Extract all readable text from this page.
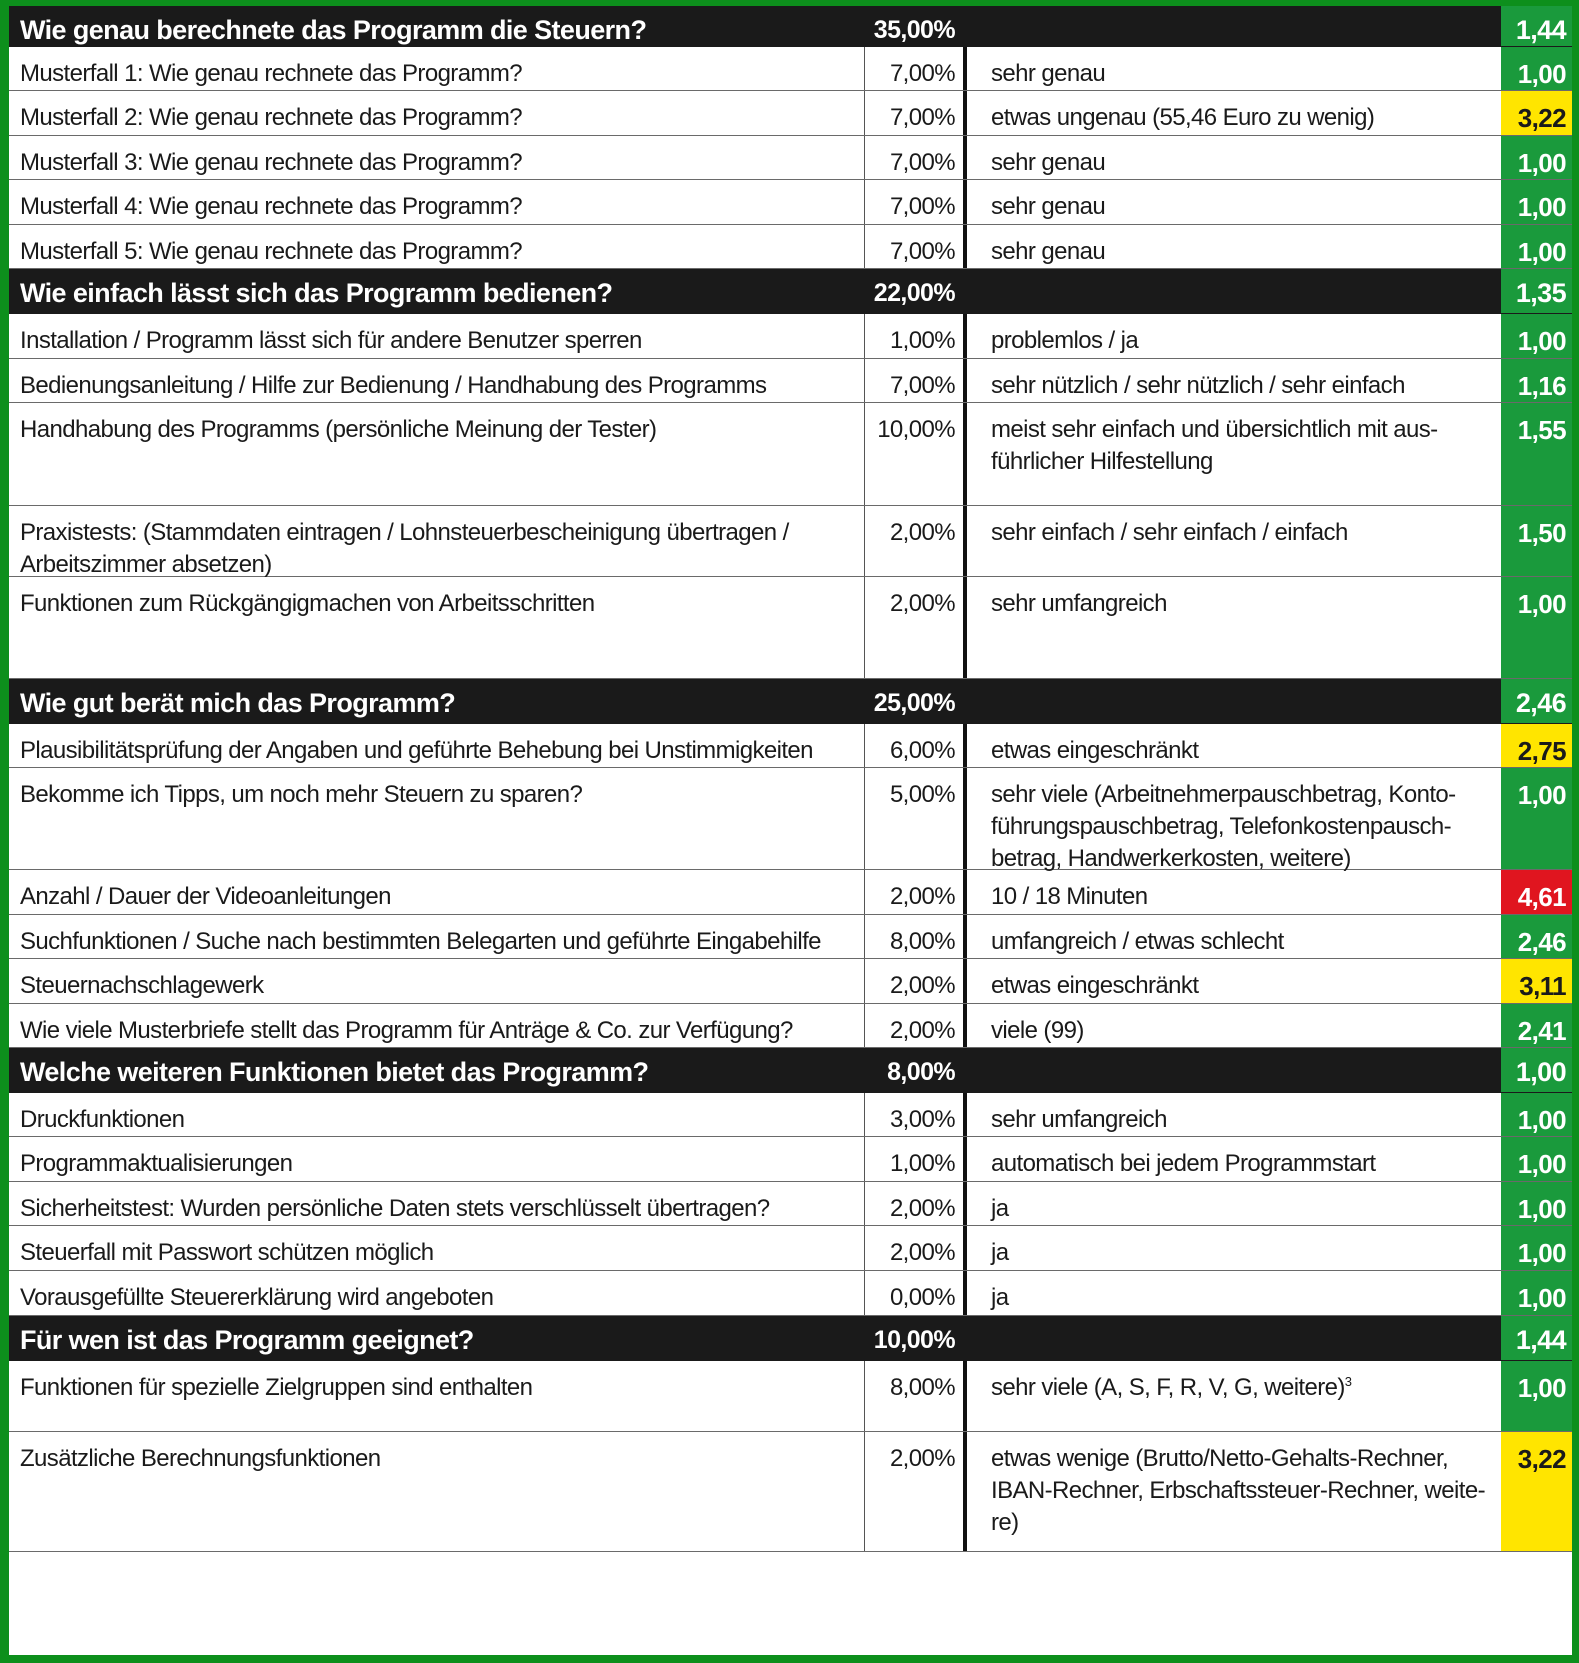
Wie genau berechnete das Programm die Steuern?	35,00%	1,44
Musterfall 1: Wie genau rechnete das Programm?	7,00%	sehr genau	1,00
Musterfall 2: Wie genau rechnete das Programm?	7,00%	etwas ungenau (55,46 Euro zu wenig)	3,22
Musterfall 3: Wie genau rechnete das Programm?	7,00%	sehr genau	1,00
Musterfall 4: Wie genau rechnete das Programm?	7,00%	sehr genau	1,00
Musterfall 5: Wie genau rechnete das Programm?	7,00%	sehr genau	1,00
Wie einfach lässt sich das Programm bedienen?	22,00%	1,35
Installation / Programm lässt sich für andere Benutzer sperren	1,00%	problemlos / ja	1,00
Bedienungsanleitung / Hilfe zur Bedienung / Handhabung des Programms	7,00%	sehr nützlich / sehr nützlich / sehr einfach	1,16
Handhabung des Programms (persönliche Meinung der Tester)	10,00%	meist sehr einfach und übersichtlich mit aus-
führlicher Hilfestellung
1,55
Praxistests: (Stammdaten eintragen / Lohnsteuerbescheinigung übertragen /
Arbeitszimmer absetzen)
2,00%	sehr einfach / sehr einfach / einfach	1,50
Funktionen zum Rückgängigmachen von Arbeitsschritten	2,00%	sehr umfangreich	1,00
Wie gut berät mich das Programm?	25,00%	2,46
Plausibilitätsprüfung der Angaben und geführte Behebung bei Unstimmigkeiten	6,00%	etwas eingeschränkt	2,75
Bekomme ich Tipps, um noch mehr Steuern zu sparen?	5,00%	sehr viele (Arbeitnehmerpauschbetrag, Konto-
führungspauschbetrag, Telefonkostenpausch-
betrag, Handwerkerkosten, weitere)
1,00
Anzahl / Dauer der Videoanleitungen	2,00%	10 / 18 Minuten	4,61
Suchfunktionen / Suche nach bestimmten Belegarten und geführte Eingabehilfe	8,00%	umfangreich / etwas schlecht	2,46
Steuernachschlagewerk	2,00%	etwas eingeschränkt	3,11
Wie viele Musterbriefe stellt das Programm für Anträge & Co. zur Verfügung?	2,00%	viele (99)	2,41
Welche weiteren Funktionen bietet das Programm?	8,00%	1,00
Druckfunktionen	3,00%	sehr umfangreich	1,00
Programmaktualisierungen	1,00%	automatisch bei jedem Programmstart	1,00
Sicherheitstest: Wurden persönliche Daten stets verschlüsselt übertragen?	2,00%	ja	1,00
Steuerfall mit Passwort schützen möglich	2,00%	ja	1,00
Vorausgefüllte Steuererklärung wird angeboten	0,00%	ja	1,00
Für wen ist das Programm geeignet?	10,00%	1,44
Funktionen für spezielle Zielgruppen sind enthalten	8,00%	sehr viele (A, S, F, R, V, G, weitere)$^3$	1,00
Zusätzliche Berechnungsfunktionen	2,00%	etwas wenige (Brutto/Netto-Gehalts-Rechner,
IBAN-Rechner, Erbschaftssteuer-Rechner, weite-
re)
3,22
